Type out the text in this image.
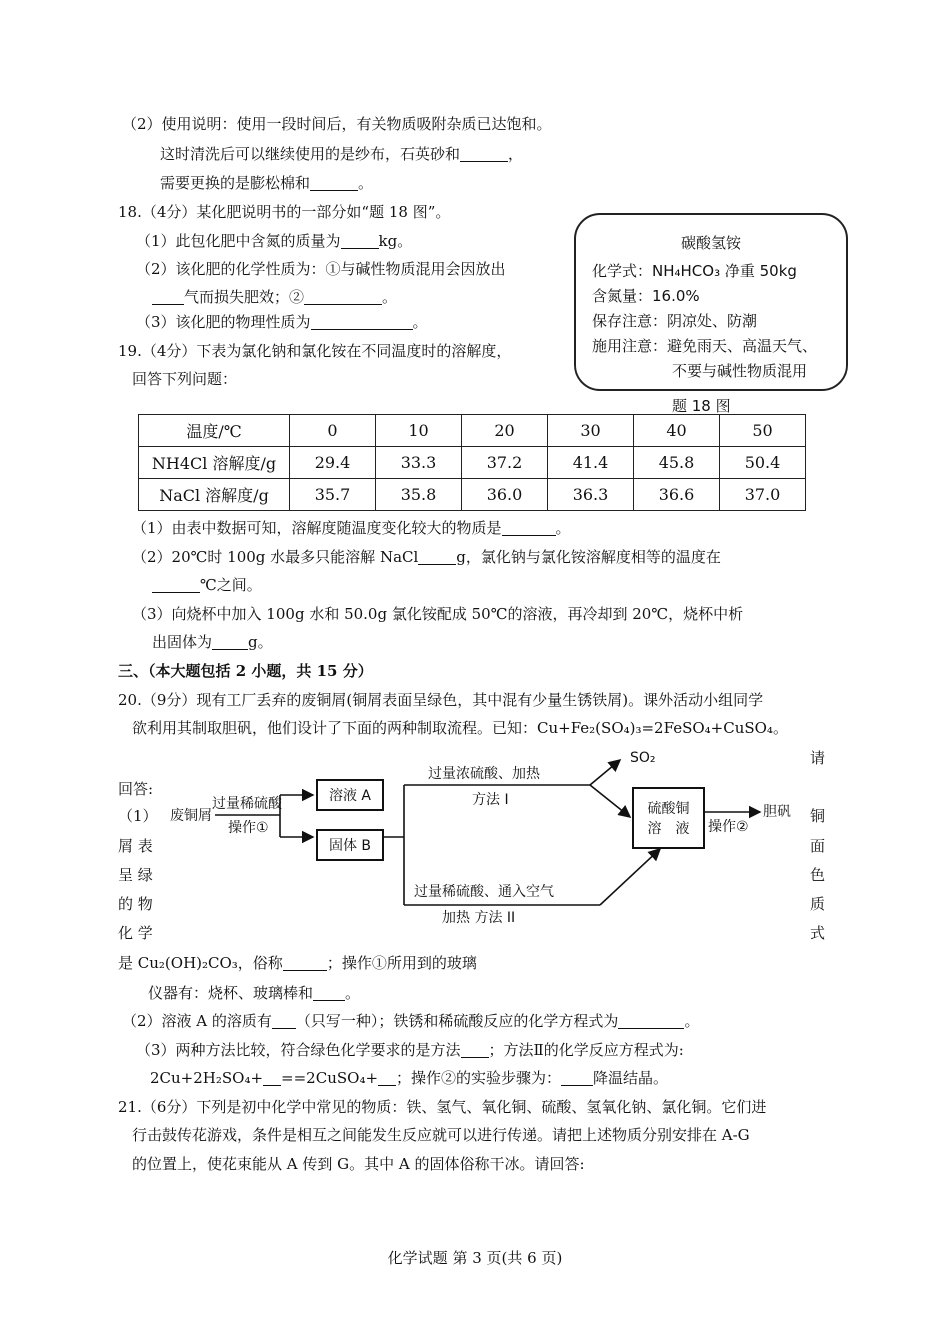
（2）使用说明：使用一段时间后，有关物质吸附杂质已达饱和。
这时清洗后可以继续使用的是纱布，石英砂和	，
需要更换的是膨松棉和	。
18.（4分）某化肥说明书的一部分如“题 18 图”。
（1）此包化肥中含氮的质量为	kg。
（2）该化肥的化学性质为：①与碱性物质混用会因放出
气而损失肥效；②	。
（3）该化肥的物理性质为	。
19.（4分）下表为氯化钠和氯化铵在不同温度时的溶解度，
回答下列问题：
碳酸氢铵
化学式：NH₄HCO₃ 净重 50kg
含氮量：16.0%
保存注意：阴凉处、防潮
施用注意：避免雨天、高温天气、
不要与碱性物质混用
题 18 图
温度/℃	0	10	20	30	40	50
NH4Cl 溶解度/g	29.4	33.3	37.2	41.4	45.8	50.4
NaCl 溶解度/g	35.7	35.8	36.0	36.3	36.6	37.0
（1）由表中数据可知，溶解度随温度变化较大的物质是	。
（2）20℃时 100g 水最多只能溶解 NaCl	g，氯化钠与氯化铵溶解度相等的温度在
℃之间。
（3）向烧杯中加入 100g 水和 50.0g 氯化铵配成 50℃的溶液，再冷却到 20℃，烧杯中析
出固体为 g。
三、（本大题包括 2 小题，共 15 分）
20.（9分）现有工厂丢弃的废铜屑(铜屑表面呈绿色，其中混有少量生锈铁屑)。课外活动小组同学
欲利用其制取胆矾，他们设计了下面的两种制取流程。已知：Cu+Fe₂(SO₄)₃=2FeSO₄+CuSO₄。
回答:
（1）
屑 表
呈 绿
的 物
化 学
请
铜
面
色
质
式
废铜屑
过量稀硫酸
操作①
溶液 A
固体 B
过量浓硫酸、加热
方法 I
SO₂
硫酸铜
溶　液 操作②
胆矾
过量稀硫酸、通入空气
加热 方法 II
是 Cu₂(OH)₂CO₃，俗称	；操作①所用到的玻璃
仪器有：烧杯、玻璃棒和 。
（2）溶液 A 的溶质有 （只写一种）；铁锈和稀硫酸反应的化学方程式为	。
（3）两种方法比较，符合绿色化学要求的是方法 ；方法Ⅱ的化学反应方程式为:
2Cu+2H₂SO₄+ ==2CuSO₄+ ；操作②的实验步骤为： 降温结晶。
21.（6分）下列是初中化学中常见的物质：铁、氢气、氧化铜、硫酸、氢氧化钠、氯化铜。它们进
行击鼓传花游戏，条件是相互之间能发生反应就可以进行传递。请把上述物质分别安排在 A-G
的位置上，使花束能从 A 传到 G。其中 A 的固体俗称干冰。请回答:
化学试题 第 3 页(共 6 页)
